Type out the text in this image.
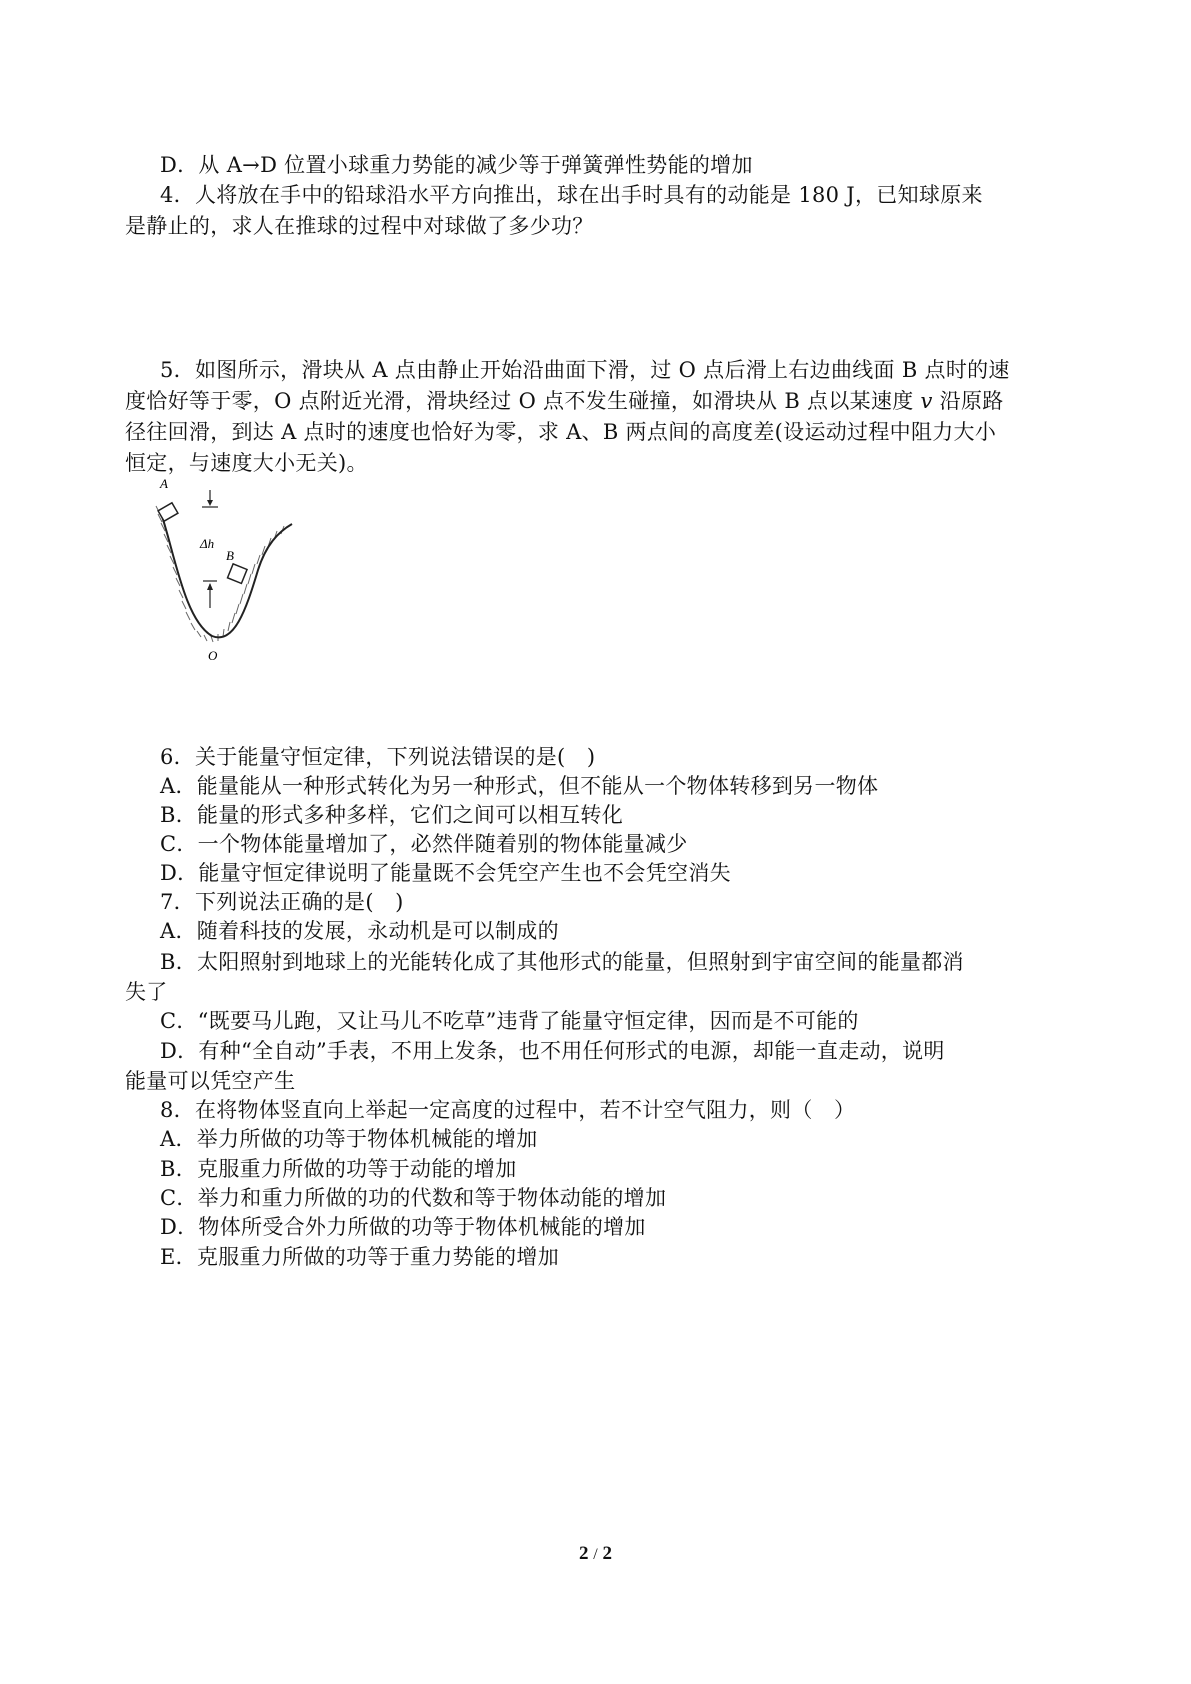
D．从 A→D 位置小球重力势能的减少等于弹簧弹性势能的增加
4．人将放在手中的铅球沿水平方向推出，球在出手时具有的动能是 180 J，已知球原来
是静止的，求人在推球的过程中对球做了多少功？
5．如图所示，滑块从 A 点由静止开始沿曲面下滑，过 O 点后滑上右边曲线面 B 点时的速
度恰好等于零，O 点附近光滑，滑块经过 O 点不发生碰撞，如滑块从 B 点以某速度 v 沿原路
径往回滑，到达 A 点时的速度也恰好为零，求 A、B 两点间的高度差(设运动过程中阻力大小
恒定，与速度大小无关)。
A
B
O
Δh
6．关于能量守恒定律，下列说法错误的是(　)
A．能量能从一种形式转化为另一种形式，但不能从一个物体转移到另一物体
B．能量的形式多种多样，它们之间可以相互转化
C．一个物体能量增加了，必然伴随着别的物体能量减少
D．能量守恒定律说明了能量既不会凭空产生也不会凭空消失
7．下列说法正确的是(　)
A．随着科技的发展，永动机是可以制成的
B．太阳照射到地球上的光能转化成了其他形式的能量，但照射到宇宙空间的能量都消
失了
C．“既要马儿跑，又让马儿不吃草”违背了能量守恒定律，因而是不可能的
D．有种“全自动”手表，不用上发条，也不用任何形式的电源，却能一直走动，说明
能量可以凭空产生
8．在将物体竖直向上举起一定高度的过程中，若不计空气阻力，则（　）
A．举力所做的功等于物体机械能的增加
B．克服重力所做的功等于动能的增加
C．举力和重力所做的功的代数和等于物体动能的增加
D．物体所受合外力所做的功等于物体机械能的增加
E．克服重力所做的功等于重力势能的增加
2 / 2
